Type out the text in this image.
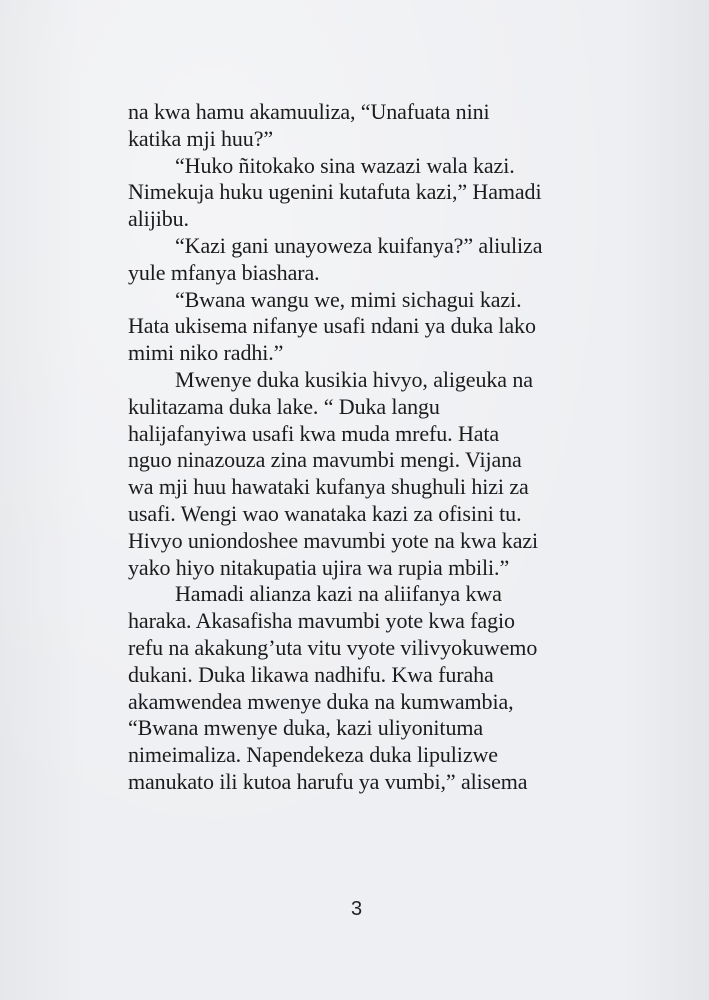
na kwa hamu akamuuliza, “Unafuata nini
katika mji huu?”

“Huko ñitokako sina wazazi wala kazi.
Nimekuja huku ugenini kutafuta kazi,” Hamadi
alijibu.

“Kazi gani unayoweza kuifanya?” aliuliza
yule mfanya biashara.

“Bwana wangu we, mimi sichagui kazi.
Hata ukisema nifanye usafi ndani ya duka lako
mimi niko radhi.”

Mwenye duka kusikia hivyo, aligeuka na
kulitazama duka lake. “ Duka langu
halijafanyiwa usafi kwa muda mrefu. Hata
nguo ninazouza zina mavumbi mengi. Vijana
wa mji huu hawataki kufanya shughuli hizi za
usafi. Wengi wao wanataka kazi za ofisini tu.
Hivyo uniondoshee mavumbi yote na kwa kazi
yako hiyo nitakupatia ujira wa rupia mbili.”

Hamadi alianza kazi na aliifanya kwa
haraka. Akasafisha mavumbi yote kwa fagio
refu na akakung’uta vitu vyote vilivyokuwemo
dukani. Duka likawa nadhifu. Kwa furaha
akamwendea mwenye duka na kumwambia,
“Bwana mwenye duka, kazi uliyonituma
nimeimaliza. Napendekeza duka lipulizwe
manukato ili kutoa harufu ya vumbi,” alisema

3
